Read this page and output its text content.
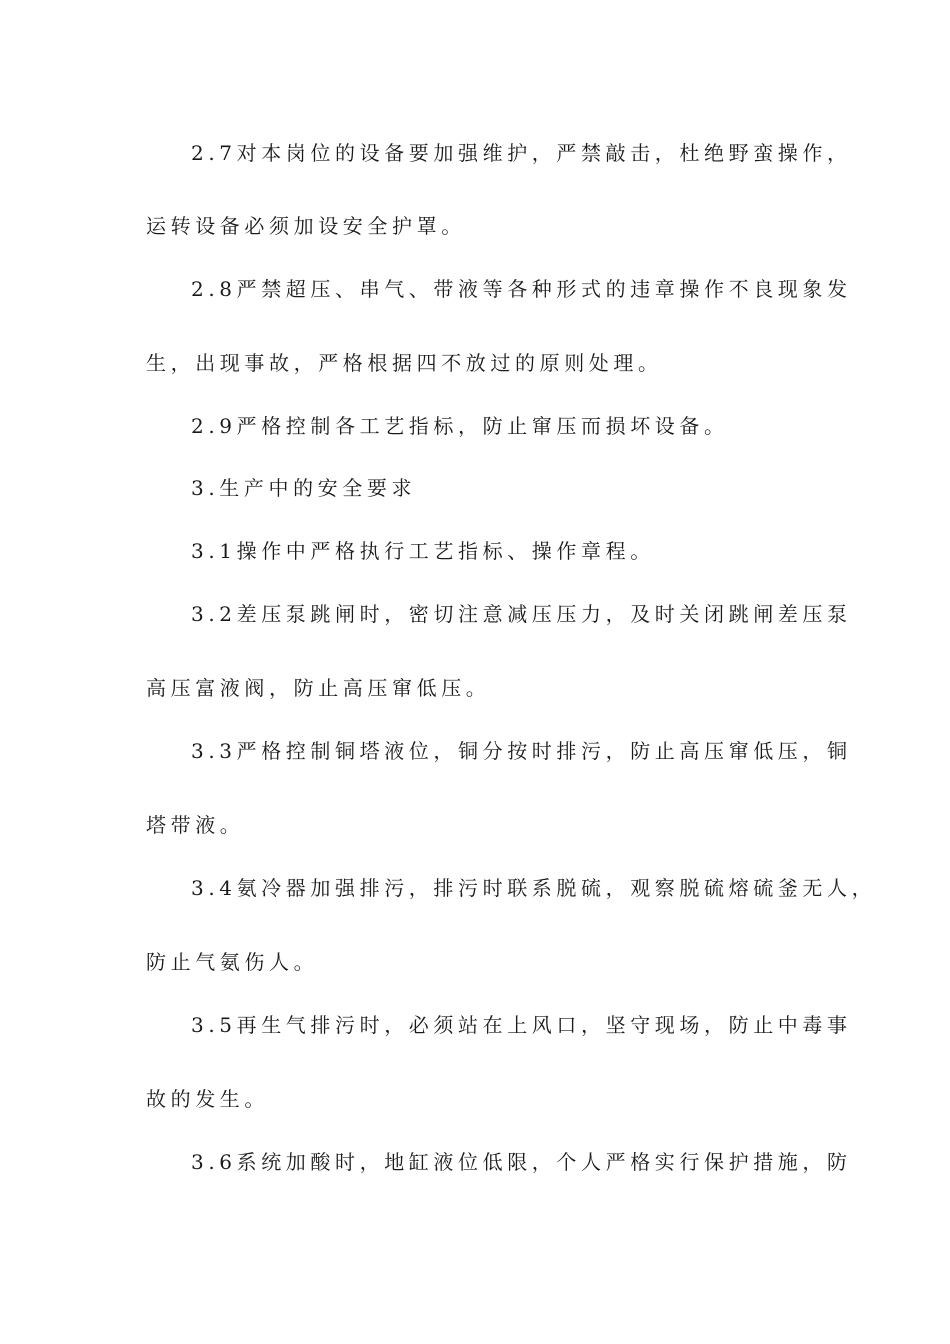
2.7对本岗位的设备要加强维护，严禁敲击，杜绝野蛮操作，
运转设备必须加设安全护罩。
2.8严禁超压、串气、带液等各种形式的违章操作不良现象发
生，出现事故，严格根据四不放过的原则处理。
2.9严格控制各工艺指标，防止窜压而损坏设备。
3.生产中的安全要求
3.1操作中严格执行工艺指标、操作章程。
3.2差压泵跳闸时，密切注意减压压力，及时关闭跳闸差压泵
高压富液阀，防止高压窜低压。
3.3严格控制铜塔液位，铜分按时排污，防止高压窜低压，铜
塔带液。
3.4氨冷器加强排污，排污时联系脱硫，观察脱硫熔硫釜无人，
防止气氨伤人。
3.5再生气排污时，必须站在上风口，坚守现场，防止中毒事
故的发生。
3.6系统加酸时，地缸液位低限，个人严格实行保护措施，防
